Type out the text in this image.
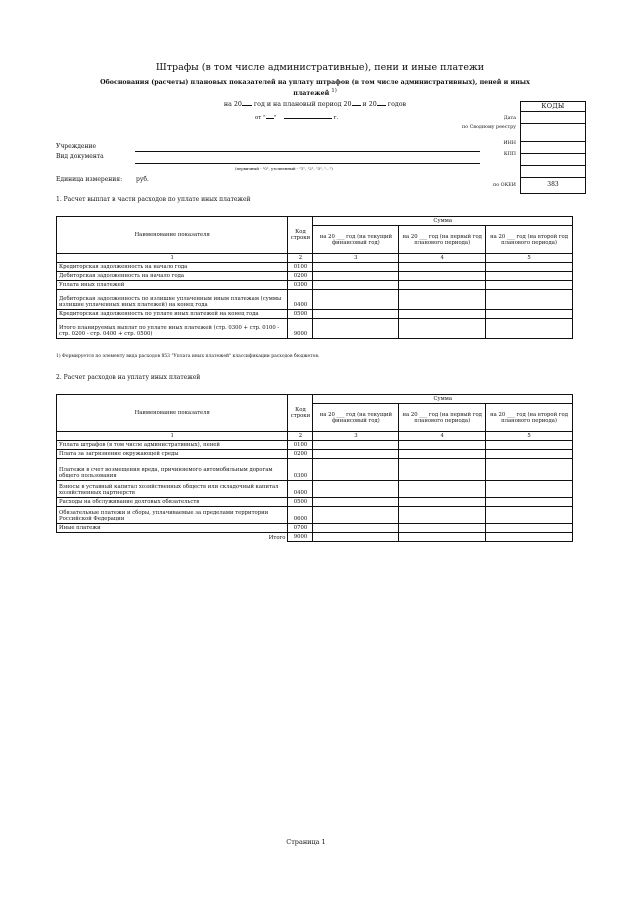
Штрафы (в том числе административные), пени и иные платежи
Обоснования (расчеты) плановых показателей на уплату штрафов (в том числе административных), пеней и иных платежей $^{1)}$
на 20 год и на плановый период 20 и 20 годов
от " "	г.
КОДЫ
383
Дата
по Сводному реестру
ИНН
КПП
по ОКЕИ
Учреждение
Вид документа
(первичный - "0", уточненный - "1", "2", "3", "...")
Единица измерения: руб.
1. Расчет выплат в части расходов по уплате иных платежей
Наименование показателя	Код строки	Сумма		
		на 20 ___ год (на текущий финансовый год)	на 20 ___ год (на первый год планового периода)	на 20 ___ год (на второй год планового периода)
1	2	3	4	5
Кредиторская задолженность на начало года	0100			
Дебиторская задолженность на начало года	0200			
Уплата иных платежей	0300			
Дебиторская задолженность по излишне уплаченным иным платежам (суммы излишне уплаченных иных платежей) на конец года	0400			
Кредиторская задолженность по уплате иных платежей на конец года	0500			
Итого планируемых выплат по уплате иных платежей (стр. 0300 + стр. 0100 - стр. 0200 - стр. 0400 + стр. 0500)	9000			
1) Формируется по элементу вида расходов 853 "Уплата иных платежей" классификации расходов бюджетов.
2. Расчет расходов на уплату иных платежей
Наименование показателя	Код строки	Сумма		
		на 20 ___ год (на текущий финансовый год)	на 20 ___ год (на первый год планового периода)	на 20 ___ год (на второй год планового периода)
1	2	3	4	5
Уплата штрафов (в том числе административных), пеней	0100			
Плата за загрязнение окружающей среды	0200			
Платежи в счет возмещения вреда, причиняемого автомобильным дорогам общего пользования	0300			
Взносы в уставный капитал хозяйственных обществ или складочный капитал хозяйственных партнерств	0400			
Расходы на обслуживание долговых обязательств	0500			
Обязательные платежи и сборы, уплачиваемые за пределами территории Российской Федерации	0600			
Иные платежи	0700			
Итого	9000			
Страница 1
